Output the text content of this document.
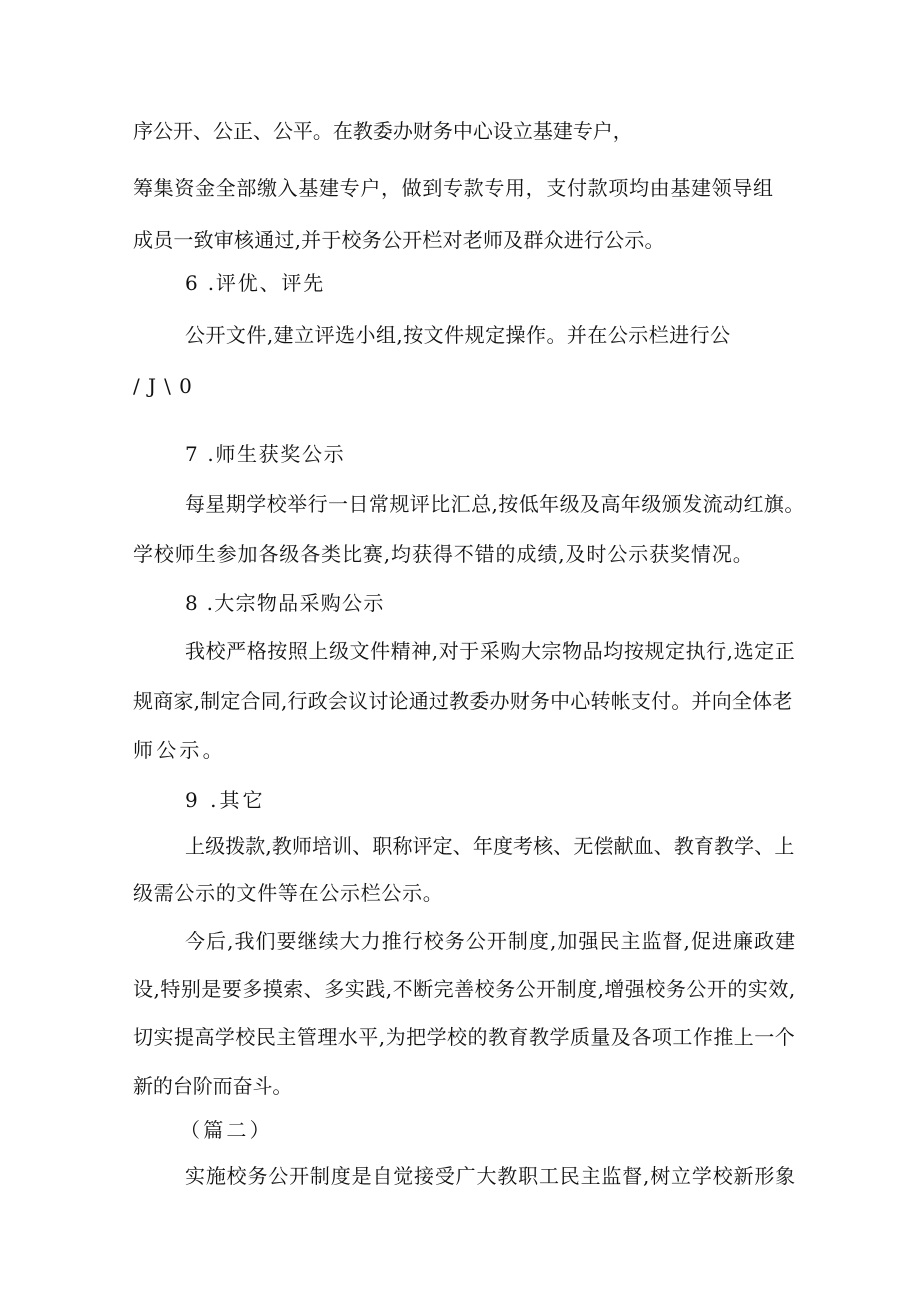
序公开、公正、公平。在教委办财务中心设立基建专户，
筹集资金全部缴入基建专户，做到专款专用，支付款项均由基建领导组
成员一致审核通过,并于校务公开栏对老师及群众进行公示。
6 .评优、评先
公开文件,建立评选小组,按文件规定操作。并在公示栏进行公
/J\0
7 .师生获奖公示
每星期学校举行一日常规评比汇总,按低年级及高年级颁发流动红旗。
学校师生参加各级各类比赛,均获得不错的成绩,及时公示获奖情况。
8 .大宗物品采购公示
我校严格按照上级文件精神,对于采购大宗物品均按规定执行,选定正
规商家,制定合同,行政会议讨论通过教委办财务中心转帐支付。并向全体老
师公示。
9 .其它
上级拨款,教师培训、职称评定、年度考核、无偿献血、教育教学、上
级需公示的文件等在公示栏公示。
今后,我们要继续大力推行校务公开制度,加强民主监督,促进廉政建
设,特别是要多摸索、多实践,不断完善校务公开制度,增强校务公开的实效,
切实提高学校民主管理水平,为把学校的教育教学质量及各项工作推上一个
新的台阶而奋斗。
（篇二）
实施校务公开制度是自觉接受广大教职工民主监督,树立学校新形象
